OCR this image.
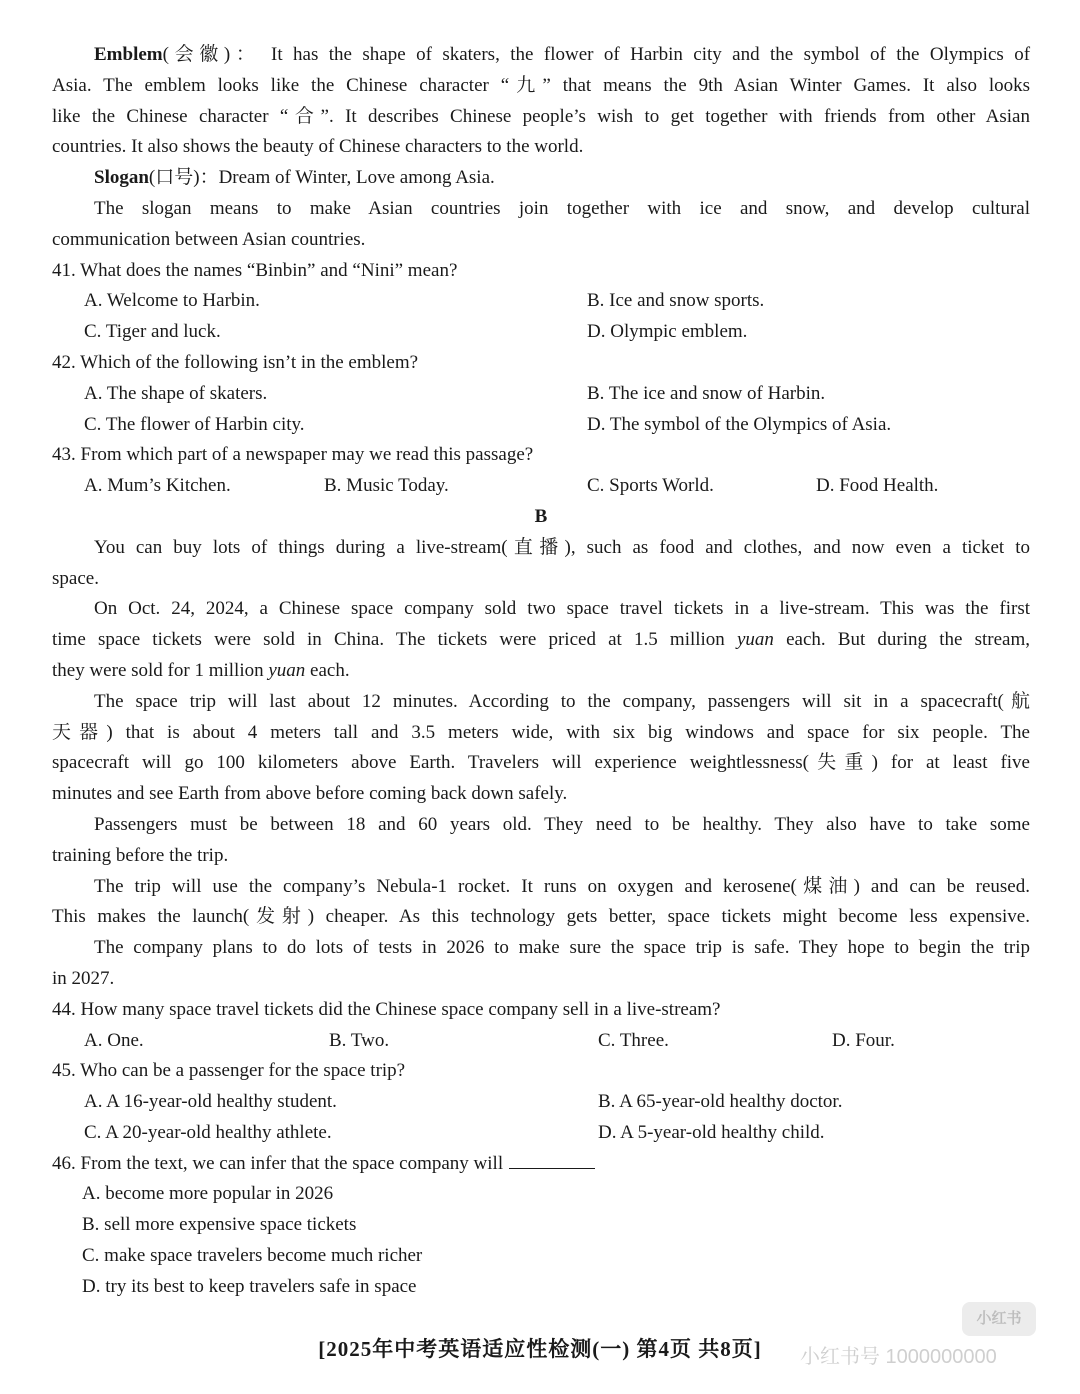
Emblem(会徽)： It has the shape of skaters, the flower of Harbin city and the symbol of the Olympics of
Asia. The emblem looks like the Chinese character “九” that means the 9th Asian Winter Games. It also looks
like the Chinese character “合”. It describes Chinese people’s wish to get together with friends from other Asian
countries. It also shows the beauty of Chinese characters to the world.
Slogan(口号)：Dream of Winter, Love among Asia.
The slogan means to make Asian countries join together with ice and snow, and develop cultural
communication between Asian countries.
41. What does the names “Binbin” and “Nini” mean?
A. Welcome to Harbin.	B. Ice and snow sports.
C. Tiger and luck.	D. Olympic emblem.
42. Which of the following isn’t in the emblem?
A. The shape of skaters.	B. The ice and snow of Harbin.
C. The flower of Harbin city.	D. The symbol of the Olympics of Asia.
43. From which part of a newspaper may we read this passage?
A. Mum’s Kitchen.	B. Music Today.	C. Sports World.	D. Food Health.
B
You can buy lots of things during a live-stream(直播), such as food and clothes, and now even a ticket to
space.
On Oct. 24, 2024, a Chinese space company sold two space travel tickets in a live-stream. This was the first
time space tickets were sold in China. The tickets were priced at 1.5 million yuan each. But during the stream,
they were sold for 1 million yuan each.
The space trip will last about 12 minutes. According to the company, passengers will sit in a spacecraft(航
天器) that is about 4 meters tall and 3.5 meters wide, with six big windows and space for six people. The
spacecraft will go 100 kilometers above Earth. Travelers will experience weightlessness(失重) for at least five
minutes and see Earth from above before coming back down safely.
Passengers must be between 18 and 60 years old. They need to be healthy. They also have to take some
training before the trip.
The trip will use the company’s Nebula-1 rocket. It runs on oxygen and kerosene(煤油) and can be reused.
This makes the launch(发射) cheaper. As this technology gets better, space tickets might become less expensive.
The company plans to do lots of tests in 2026 to make sure the space trip is safe. They hope to begin the trip
in 2027.
44. How many space travel tickets did the Chinese space company sell in a live-stream?
A. One.	B. Two.	C. Three.	D. Four.
45. Who can be a passenger for the space trip?
A. A 16-year-old healthy student.	B. A 65-year-old healthy doctor.
C. A 20-year-old healthy athlete.	D. A 5-year-old healthy child.
46. From the text, we can infer that the space company will
A. become more popular in 2026
B. sell more expensive space tickets
C. make space travelers become much richer
D. try its best to keep travelers safe in space
[2025年中考英语适应性检测(一) 第4页 共8页]
小红书
小红书号 1000000000
